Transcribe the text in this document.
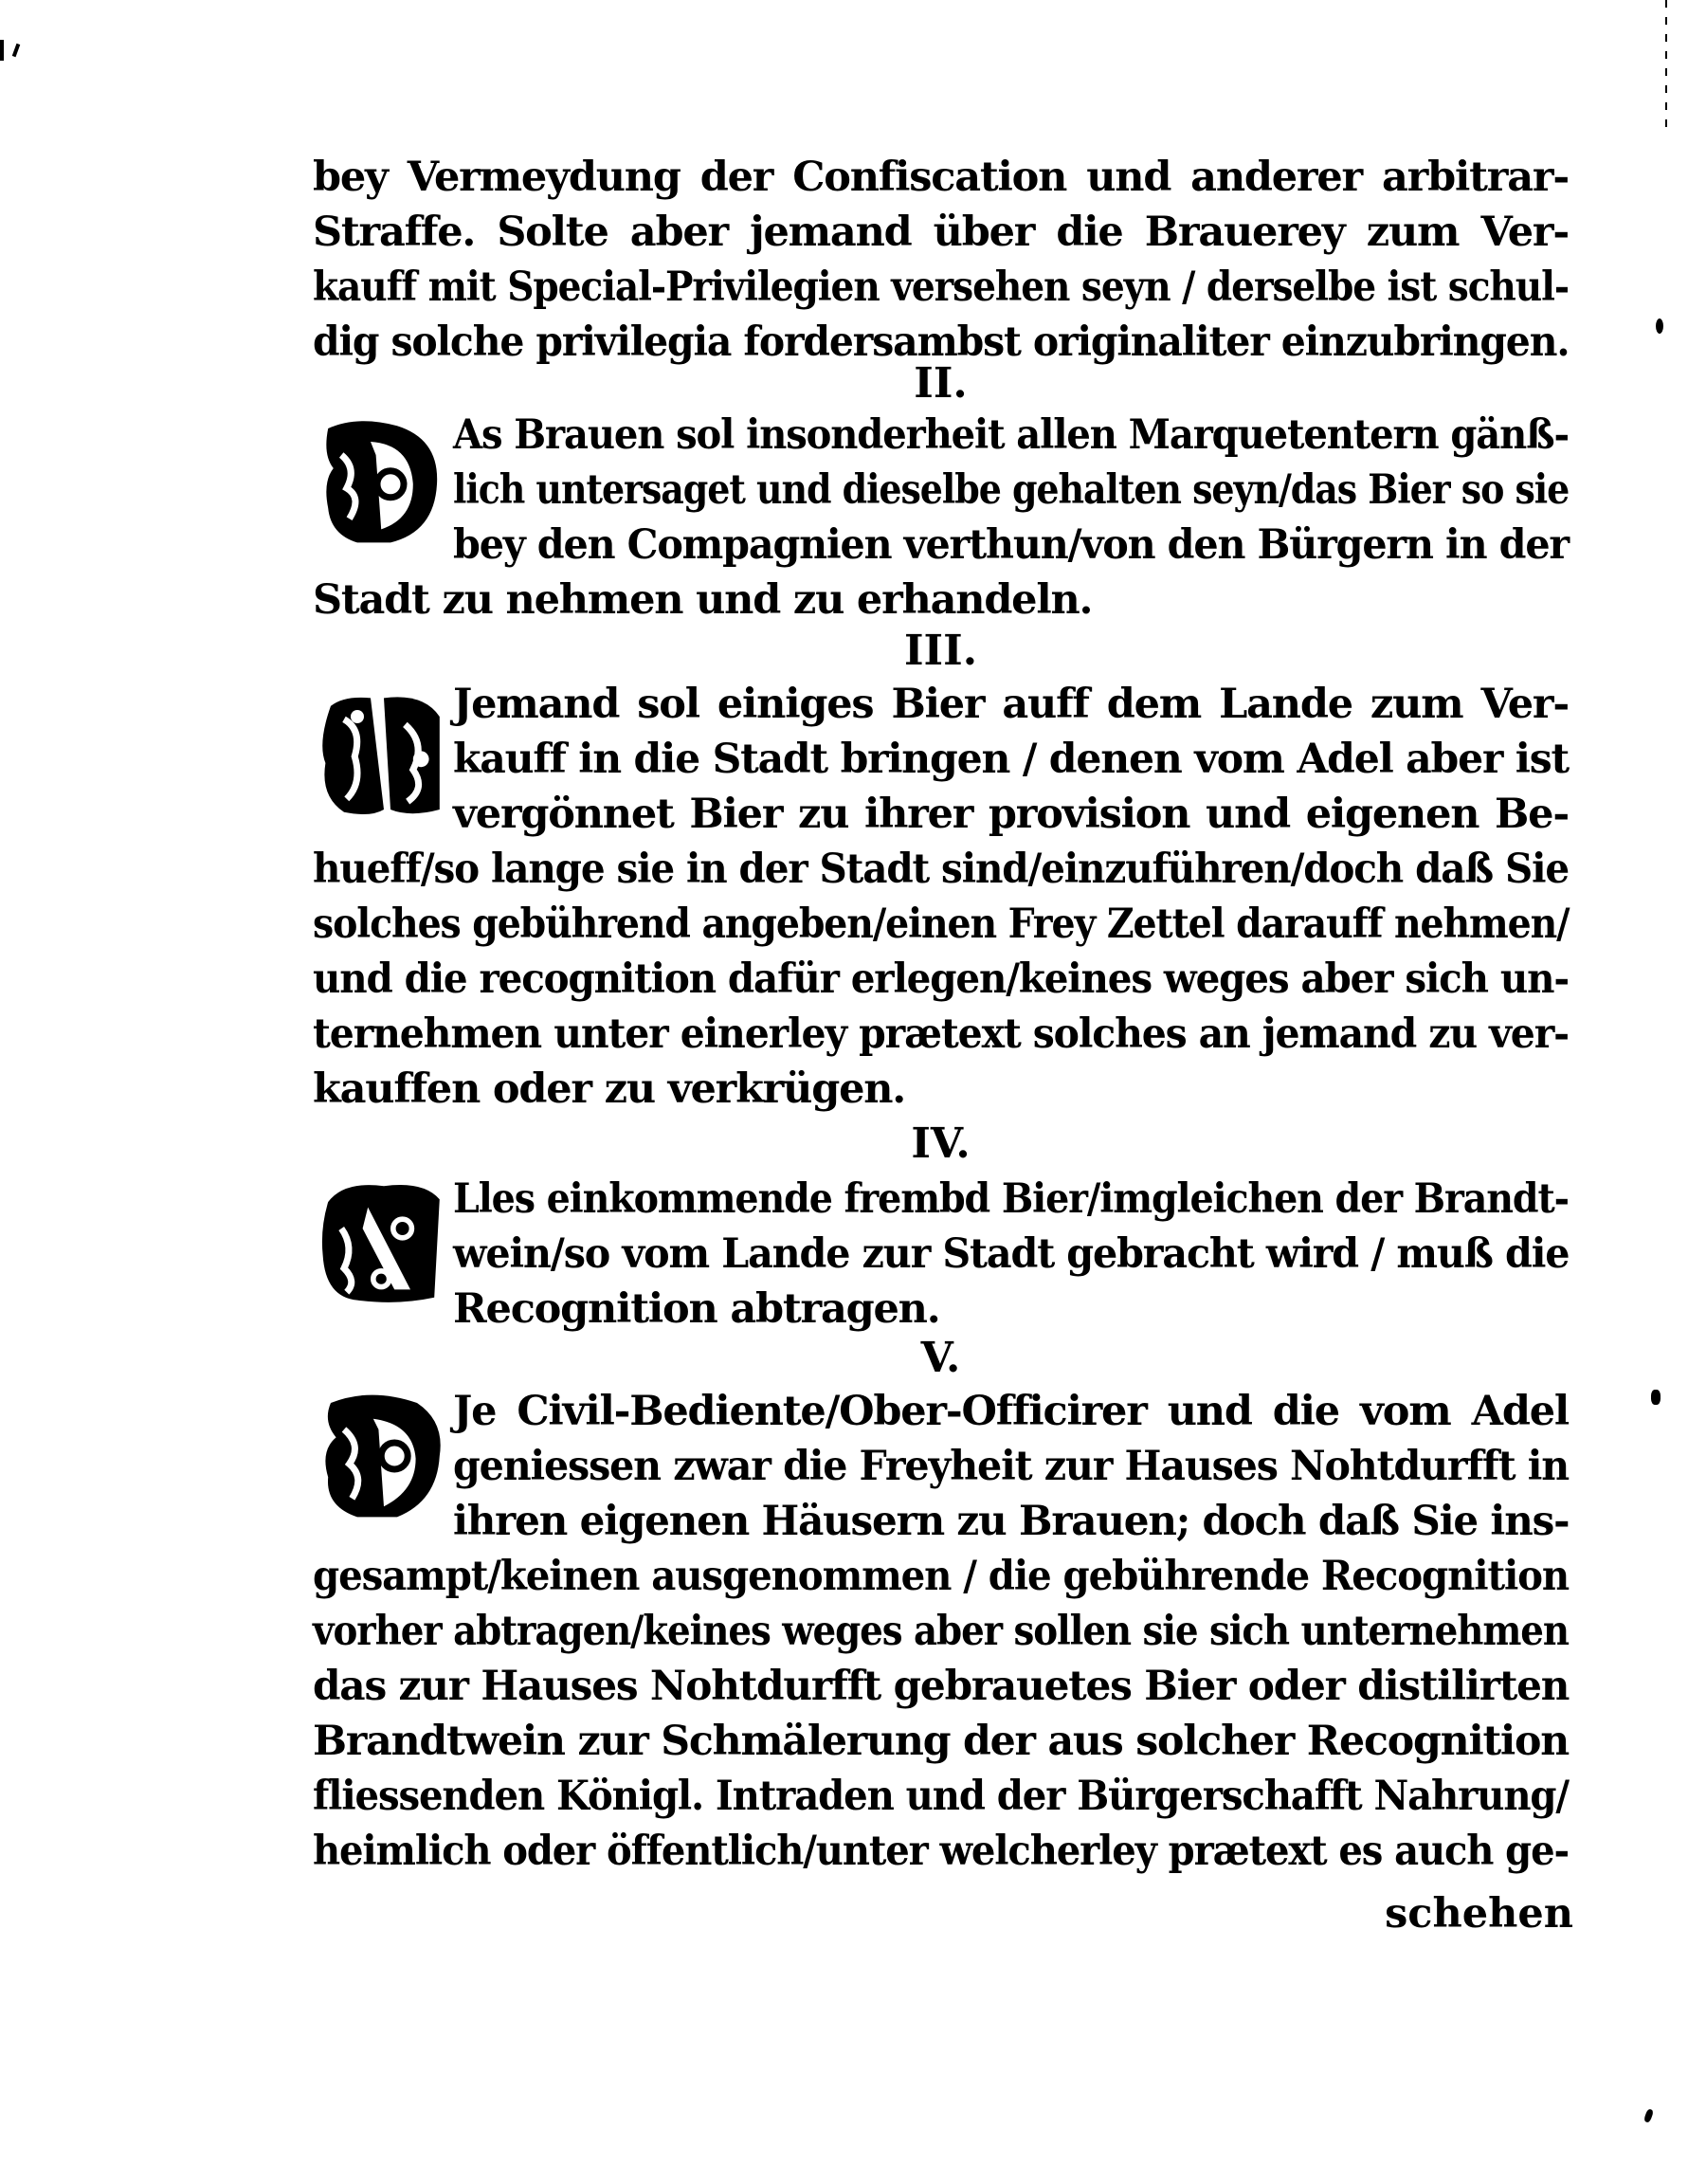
bey Vermeydung der Confiscation und anderer arbitrar-
Straffe. Solte aber jemand über die Brauerey zum Ver-
kauff mit Special-Privilegien versehen seyn / derselbe ist schul-
dig solche privilegia fordersambst originaliter einzubringen.
II.
As Brauen sol insonderheit allen Marquetentern gänß-
lich untersaget und dieselbe gehalten seyn/das Bier so sie
bey den Compagnien verthun/von den Bürgern in der
Stadt zu nehmen und zu erhandeln.
III.
Jemand sol einiges Bier auff dem Lande zum Ver-
kauff in die Stadt bringen / denen vom Adel aber ist
vergönnet Bier zu ihrer provision und eigenen Be-
hueff/so lange sie in der Stadt sind/einzuführen/doch daß Sie
solches gebührend angeben/einen Frey Zettel darauff nehmen/
und die recognition dafür erlegen/keines weges aber sich un-
ternehmen unter einerley prætext solches an jemand zu ver-
kauffen oder zu verkrügen.
IV.
Lles einkommende frembd Bier/imgleichen der Brandt-
wein/so vom Lande zur Stadt gebracht wird / muß die
Recognition abtragen.
V.
Je Civil-Bediente/Ober-Officirer und die vom Adel
geniessen zwar die Freyheit zur Hauses Nohtdurfft in
ihren eigenen Häusern zu Brauen; doch daß Sie ins-
gesampt/keinen ausgenommen / die gebührende Recognition
vorher abtragen/keines weges aber sollen sie sich unternehmen
das zur Hauses Nohtdurfft gebrauetes Bier oder distilirten
Brandtwein zur Schmälerung der aus solcher Recognition
fliessenden Königl. Intraden und der Bürgerschafft Nahrung/
heimlich oder öffentlich/unter welcherley prætext es auch ge-
schehen
